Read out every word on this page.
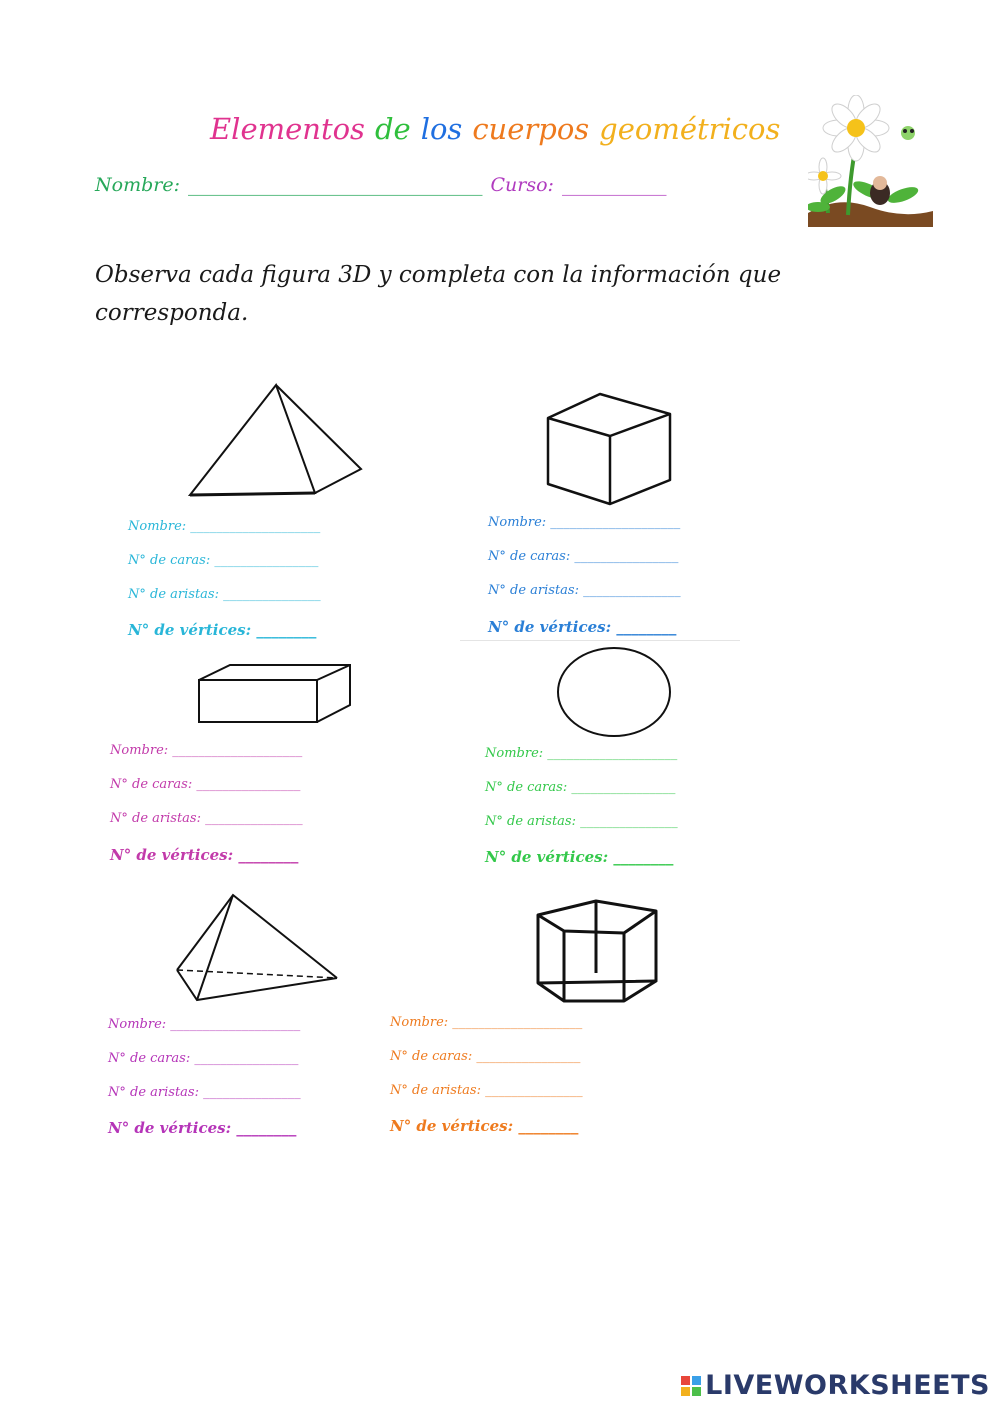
Elementos de los cuerpos geométricos
Nombre: _______________________________ Curso: ___________
Observa cada figura 3D y completa con la información que corresponda.
Nombre: ____________________
N° de caras: ________________
N° de aristas: _______________
N° de vértices: ________
Nombre: ____________________
N° de caras: ________________
N° de aristas: _______________
N° de vértices: ________
Nombre: ____________________
N° de caras: ________________
N° de aristas: _______________
N° de vértices: ________
Nombre: ____________________
N° de caras: ________________
N° de aristas: _______________
N° de vértices: ________
Nombre: ____________________
N° de caras: ________________
N° de aristas: _______________
N° de vértices: ________
Nombre: ____________________
N° de caras: ________________
N° de aristas: _______________
N° de vértices: ________
LIVEWORKSHEETS
